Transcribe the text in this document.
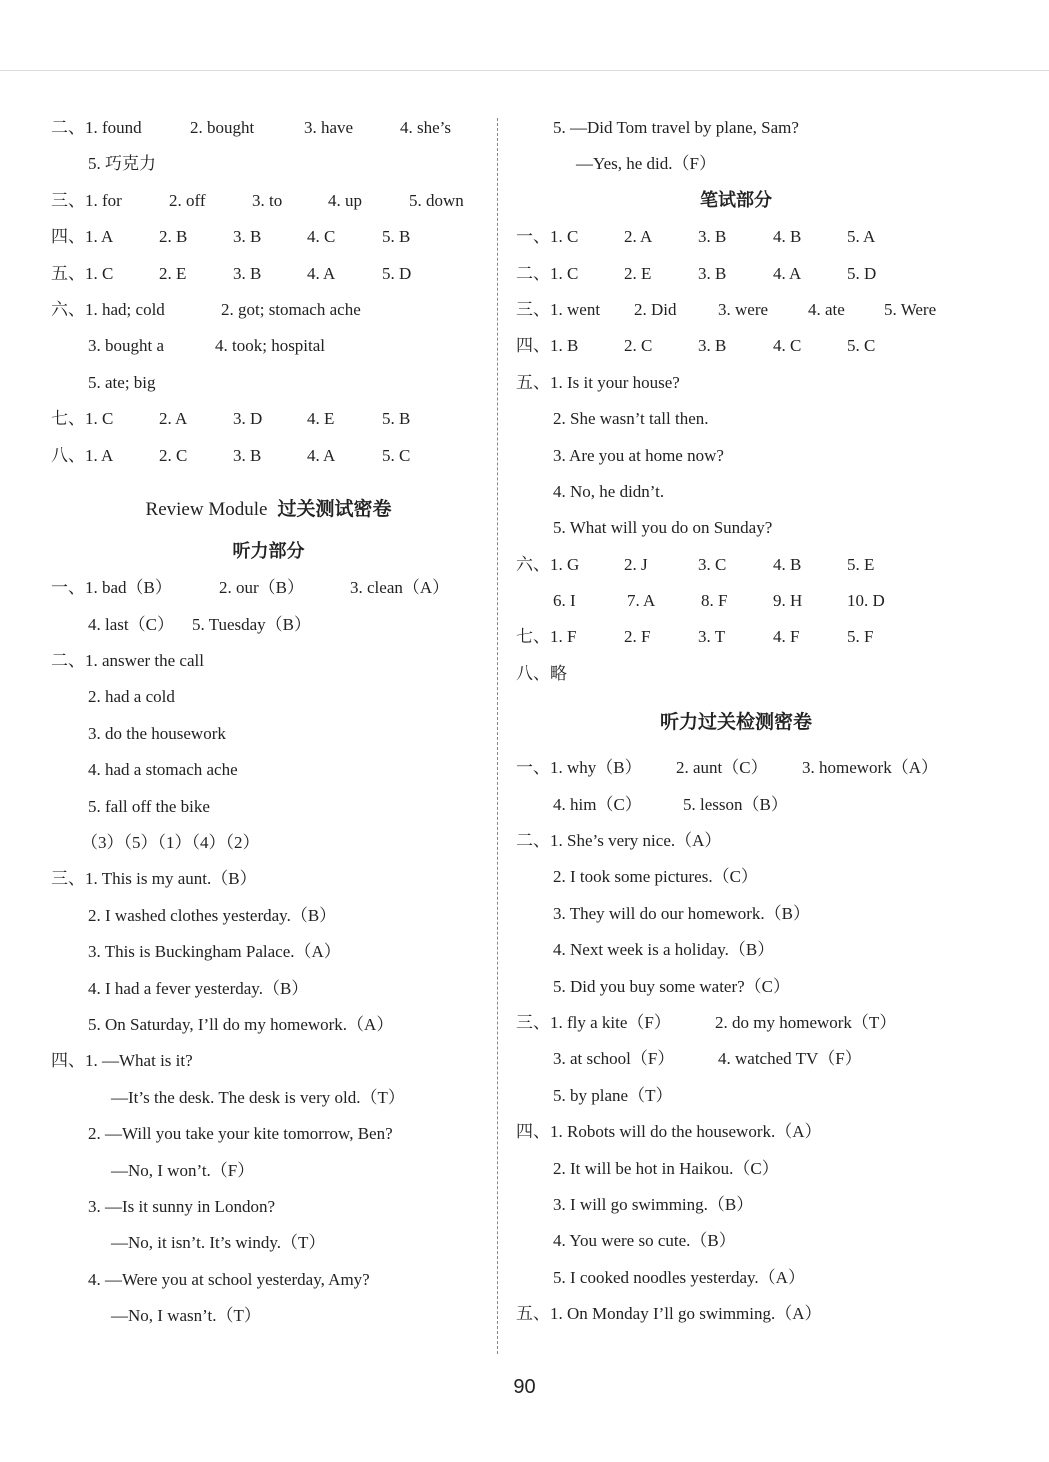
二、1. found	2. bought	3. have	4. she’s
5. 巧克力
三、1. for	2. off	3. to	4. up	5. down
四、1. A	2. B	3. B	4. C	5. B
五、1. C	2. E	3. B	4. A	5. D
六、1. had; cold	2. got; stomach ache
3. bought a	4. took; hospital
5. ate; big
七、1. C	2. A	3. D	4. E	5. B
八、1. A	2. C	3. B	4. A	5. C
Review Module 过关测试密卷
听力部分
一、1. bad（B）	2. our（B）	3. clean（A）
4. last（C） 5. Tuesday（B）
二、1. answer the call
2. had a cold
3. do the housework
4. had a stomach ache
5. fall off the bike
（3）（5）（1）（4）（2）
三、1. This is my aunt.（B）
2. I washed clothes yesterday.（B）
3. This is Buckingham Palace.（A）
4. I had a fever yesterday.（B）
5. On Saturday, I’ll do my homework.（A）
四、1. —What is it?
—It’s the desk. The desk is very old.（T）
2. —Will you take your kite tomorrow, Ben?
—No, I won’t.（F）
3. —Is it sunny in London?
—No, it isn’t. It’s windy.（T）
4. —Were you at school yesterday, Amy?
—No, I wasn’t.（T）
5. —Did Tom travel by plane, Sam?
—Yes, he did.（F）
笔试部分
一、1. C	2. A	3. B	4. B	5. A
二、1. C	2. E	3. B	4. A	5. D
三、1. went 2. Did 3. were 4. ate 5. Were
四、1. B	2. C	3. B	4. C	5. C
五、1. Is it your house?
2. She wasn’t tall then.
3. Are you at home now?
4. No, he didn’t.
5. What will you do on Sunday?
六、1. G	2. J	3. C	4. B	5. E
6. I	7. A	8. F	9. H	10. D
七、1. F	2. F	3. T	4. F	5. F
八、略
听力过关检测密卷
一、1. why（B） 2. aunt（C） 3. homework（A）
4. him（C） 5. lesson（B）
二、1. She’s very nice.（A）
2. I took some pictures.（C）
3. They will do our homework.（B）
4. Next week is a holiday.（B）
5. Did you buy some water?（C）
三、1. fly a kite（F）	2. do my homework（T）
3. at school（F）	4. watched TV（F）
5. by plane（T）
四、1. Robots will do the housework.（A）
2. It will be hot in Haikou.（C）
3. I will go swimming.（B）
4. You were so cute.（B）
5. I cooked noodles yesterday.（A）
五、1. On Monday I’ll go swimming.（A）
90
